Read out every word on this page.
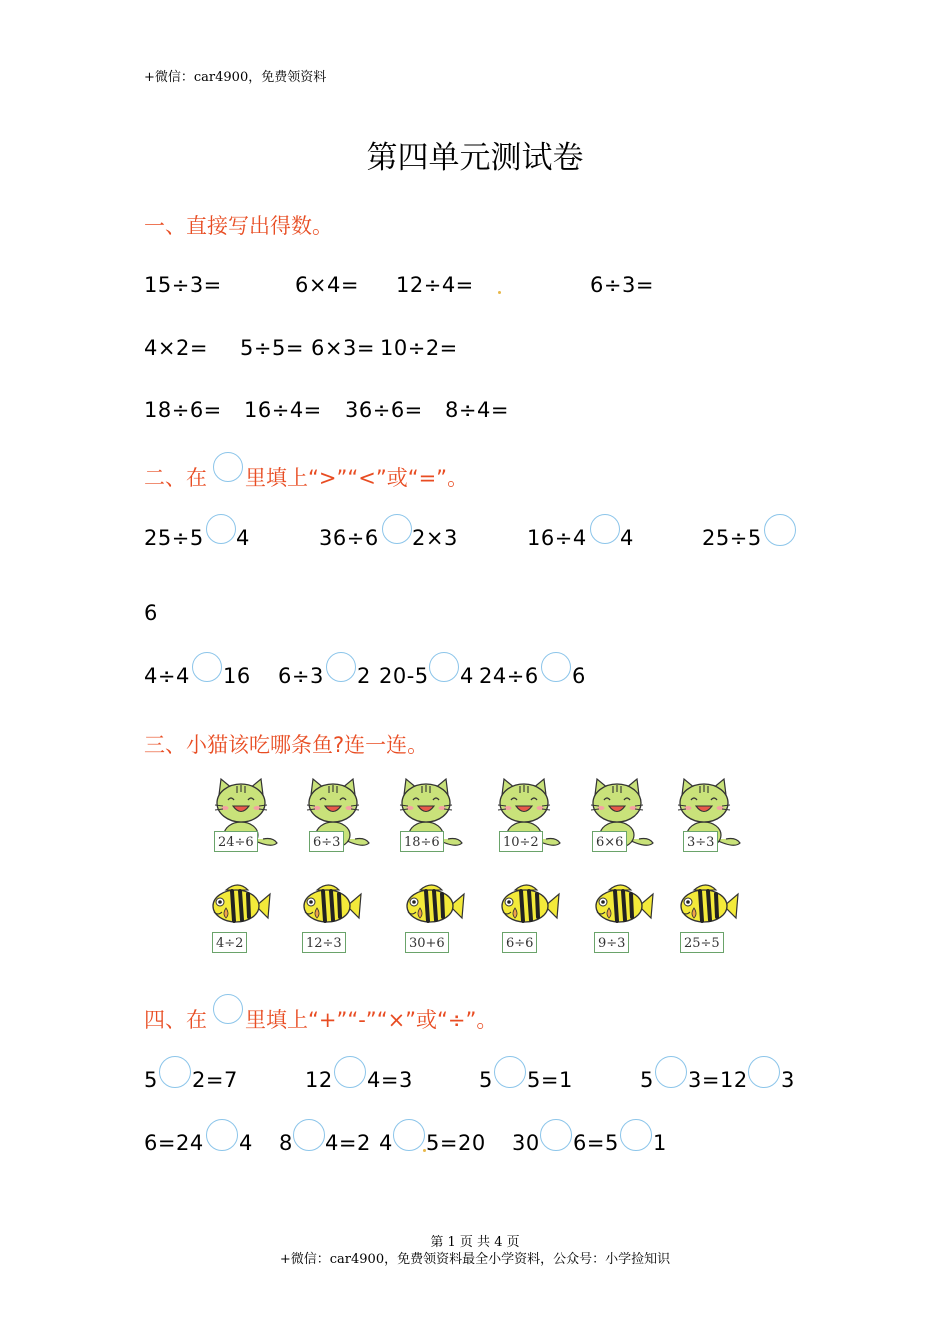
+微信：car4900，免费领资料
第四单元测试卷
一、直接写出得数。
15÷3=	6×4= 12÷4=	6÷3=
4×2= 5÷5= 6×3= 10÷2=
18÷6= 16÷4= 36÷6= 8÷4=
二、在 里填上“>”“<”或“=”。
25÷5 4	36÷6 2×3	16÷4 4	25÷5
6
4÷4 16 6÷3 2 20-5 4 24÷6 6
三、小猫该吃哪条鱼?连一连。
24÷6	6÷3	18÷6	10÷2	6×6	3÷3
4÷2	12÷3	30+6	6÷6	9÷3	25÷5
四、在 里填上“+”“-”“×”或“÷”。
5 2=7	12 4=3	5 5=1	5 3=12 3
6=24 4 8 4=2 4 5=20 30 6=5 1
第 1 页 共 4 页
+微信：car4900，免费领资料最全小学资料，公众号：小学捡知识
